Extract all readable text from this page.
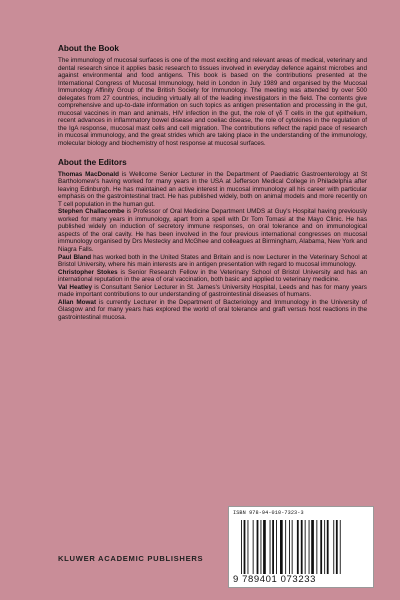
About the Book

The immunology of mucosal surfaces is one of the most exciting and relevant areas of medical, veterinary and dental research since it applies basic research to tissues involved in everyday defence against microbes and against environmental and food antigens. This book is based on the contributions presented at the International Congress of Mucosal Immunology, held in London in July 1989 and organised by the Mucosal Immunology Affinity Group of the British Society for Immunology. The meeting was attended by over 500 delegates from 27 countries, including virtually all of the leading investigators in the field. The contents give comprehensive and up-to-date information on such topics as antigen presentation and processing in the gut, mucosal vaccines in man and animals, HIV infection in the gut, the role of γδ T cells in the gut epithelium, recent advances in inflammatory bowel disease and coeliac disease, the role of cytokines in the regulation of the IgA response, mucosal mast cells and cell migration. The contributions reflect the rapid pace of research in mucosal immunology, and the great strides which are taking place in the understanding of the immunology, molecular biology and biochemistry of host response at mucosal surfaces.

About the Editors

Thomas MacDonald is Wellcome Senior Lecturer in the Department of Paediatric Gastroenterology at St Bartholomew's having worked for many years in the USA at Jefferson Medical College in Philadelphia after leaving Edinburgh. He has maintained an active interest in mucosal immunology all his career with particular emphasis on the gastrointestinal tract. He has published widely, both on animal models and more recently on T cell population in the human gut.

Stephen Challacombe is Professor of Oral Medicine Department UMDS at Guy's Hospital having previously worked for many years in immunology, apart from a spell with Dr Tom Tomasi at the Mayo Clinic. He has published widely on induction of secretory immune responses, on oral tolerance and on immunological aspects of the oral cavity. He has been involved in the four previous international congresses on mucosal immunology organised by Drs Mestecky and McGhee and colleagues at Birmingham, Alabama, New York and Niagra Falls.

Paul Bland has worked both in the United States and Britain and is now Lecturer in the Veterinary School at Bristol University, where his main interests are in antigen presentation with regard to mucosal immunology.

Christopher Stokes is Senior Research Fellow in the Veterinary School of Bristol University and has an international reputation in the area of oral vaccination, both basic and applied to veterinary medicine.

Val Heatley is Consultant Senior Lecturer in St. James's University Hospital, Leeds and has for many years made important contributions to our understanding of gastrointestinal diseases of humans.

Allan Mowat is currently Lecturer in the Department of Bacteriology and Immunology in the University of Glasgow and for many years has explored the world of oral tolerance and graft versus host reactions in the gastrointestinal mucosa.

ISBN 978-94-010-7323-3
9 789401 073233
KLUWER ACADEMIC PUBLISHERS
